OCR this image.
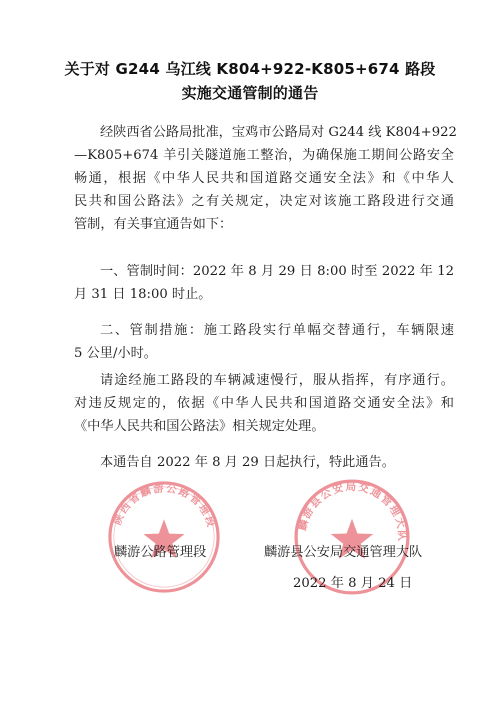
关于对 G244 乌江线 K804+922-K805+674 路段
实施交通管制的通告
经陕西省公路局批准，宝鸡市公路局对 G244 线 K804+922
—K805+674 羊引关隧道施工整治，为确保施工期间公路安全
畅通，根据《中华人民共和国道路交通安全法》和《中华人
民共和国公路法》之有关规定，决定对该施工路段进行交通
管制，有关事宜通告如下：
一、管制时间：2022 年 8 月 29 日 8:00 时至 2022 年 12
月 31 日 18:00 时止。
二、管制措施：施工路段实行单幅交替通行，车辆限速
5 公里/小时。
请途经施工路段的车辆减速慢行，服从指挥，有序通行。
对违反规定的，依据《中华人民共和国道路交通安全法》和
《中华人民共和国公路法》相关规定处理。
本通告自 2022 年 8 月 29 日起执行，特此通告。
陕西省麟游公路管理段	麟游县公安局交通管理大队
麟游公路管理段	麟游县公安局交通管理大队
2022 年 8 月 24 日
